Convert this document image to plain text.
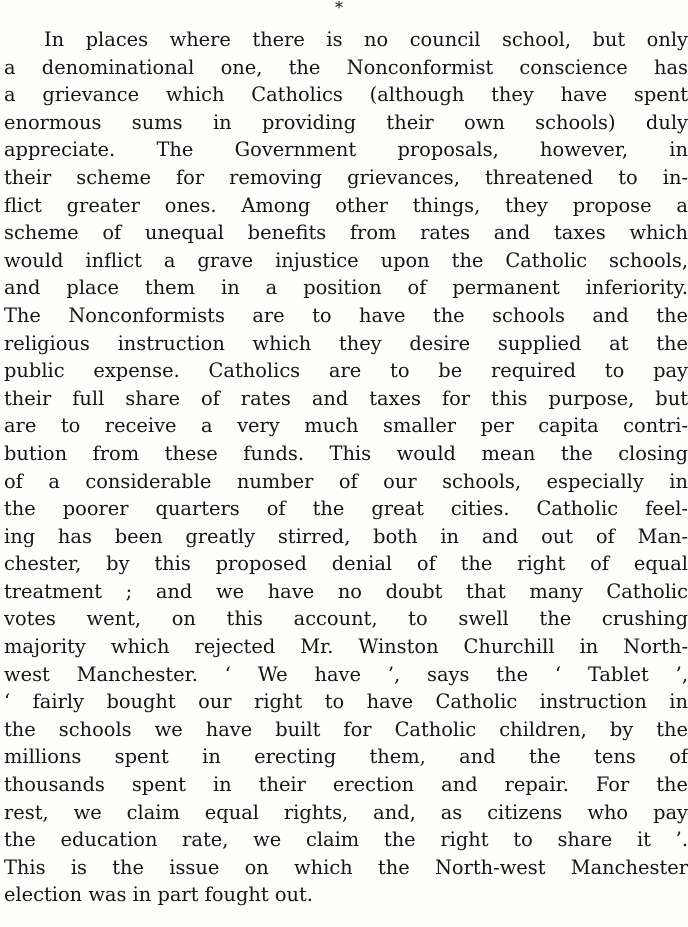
*
In places where there is no council school, but only
a denominational one, the Nonconformist conscience has
a grievance which Catholics (although they have spent
enormous sums in providing their own schools) duly
appreciate. The Government proposals, however, in
their scheme for removing grievances, threatened to in-
flict greater ones. Among other things, they propose a
scheme of unequal benefits from rates and taxes which
would inflict a grave injustice upon the Catholic schools,
and place them in a position of permanent inferiority.
The Nonconformists are to have the schools and the
religious instruction which they desire supplied at the
public expense. Catholics are to be required to pay
their full share of rates and taxes for this purpose, but
are to receive a very much smaller per capita contri-
bution from these funds. This would mean the closing
of a considerable number of our schools, especially in
the poorer quarters of the great cities. Catholic feel-
ing has been greatly stirred, both in and out of Man-
chester, by this proposed denial of the right of equal
treatment ; and we have no doubt that many Catholic
votes went, on this account, to swell the crushing
majority which rejected Mr. Winston Churchill in North-
west Manchester. ‘ We have ’, says the ‘ Tablet ’,
‘ fairly bought our right to have Catholic instruction in
the schools we have built for Catholic children, by the
millions spent in erecting them, and the tens of
thousands spent in their erection and repair. For the
rest, we claim equal rights, and, as citizens who pay
the education rate, we claim the right to share it ’.
This is the issue on which the North-west Manchester
election was in part fought out.
